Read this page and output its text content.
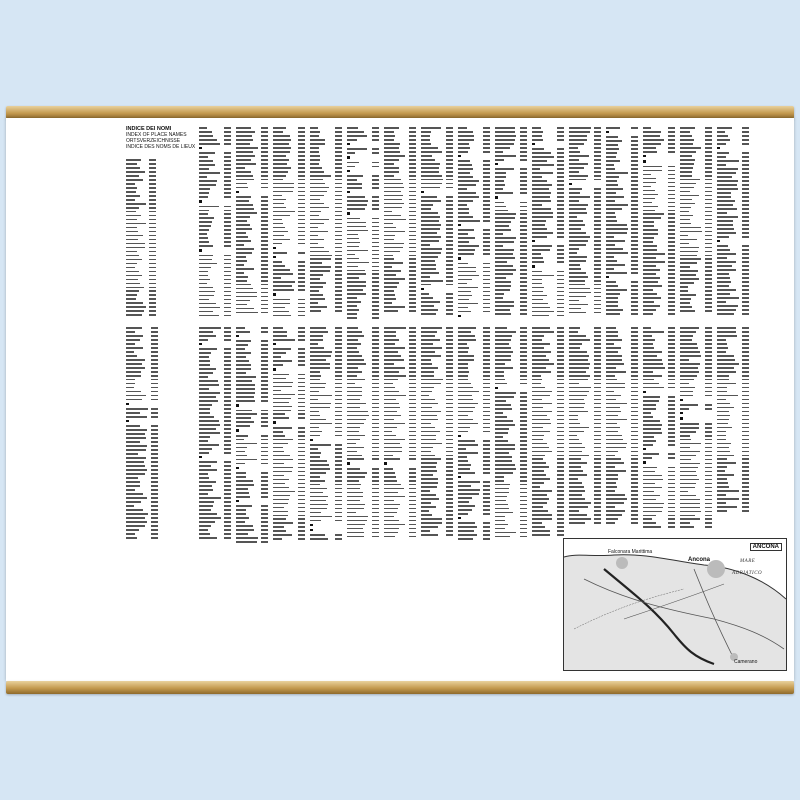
INDICE DEI NOMI
INDEX OF PLACE NAMES
ORTSVERZEICHNISSE
INDICE DES NOMS DE LIEUX
ANCONA
MARE
ADRIATICO
Ancona
Falconara Marittima
Camerano
